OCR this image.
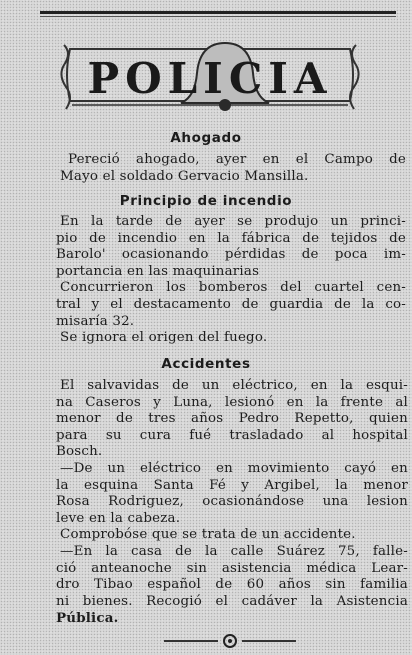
POLICIA
Ahogado
Pereció ahogado, ayer en el Campo de
Mayo el soldado Gervacio Mansilla.
Principio de incendio
En la tarde de ayer se produjo un princi-
pio de incendio en la fábrica de tejidos de
Barolo' ocasionando pérdidas de poca im-
portancia en las maquinarias
Concurrieron los bomberos del cuartel cen-
tral y el destacamento de guardia de la co-
misaría 32.
Se ignora el origen del fuego.
Accidentes
El salvavidas de un eléctrico, en la esqui-
na Caseros y Luna, lesionó en la frente al
menor de tres años Pedro Repetto, quien
para su cura fué trasladado al hospital
Bosch.
—De un eléctrico en movimiento cayó en
la esquina Santa Fé y Argibel, la menor
Rosa Rodriguez, ocasionándose una lesion
leve en la cabeza.
Comprobóse que se trata de un accidente.
—En la casa de la calle Suárez 75, falle-
ció anteanoche sin asistencia médica Lear-
dro Tibao español de 60 años sin familia
ni bienes. Recogió el cadáver la Asistencia
Pública.
